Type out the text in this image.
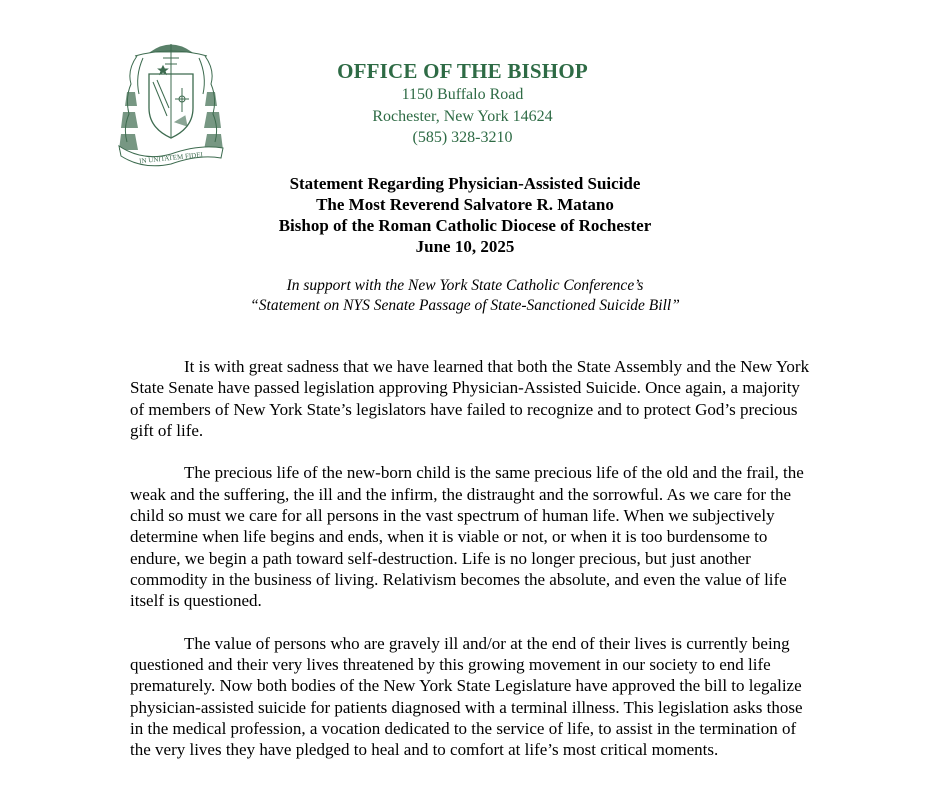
IN UNITATEM FIDEI
OFFICE OF THE BISHOP
1150 Buffalo Road
Rochester, New York 14624
(585) 328-3210
Statement Regarding Physician-Assisted Suicide
The Most Reverend Salvatore R. Matano
Bishop of the Roman Catholic Diocese of Rochester
June 10, 2025
In support with the New York State Catholic Conference’s
“Statement on NYS Senate Passage of State-Sanctioned Suicide Bill”

It is with great sadness that we have learned that both the State Assembly and the New York State Senate have passed legislation approving Physician-Assisted Suicide. Once again, a majority of members of New York State’s legislators have failed to recognize and to protect God’s precious gift of life.

The precious life of the new-born child is the same precious life of the old and the frail, the weak and the suffering, the ill and the infirm, the distraught and the sorrowful. As we care for the child so must we care for all persons in the vast spectrum of human life. When we subjectively determine when life begins and ends, when it is viable or not, or when it is too burdensome to endure, we begin a path toward self-destruction. Life is no longer precious, but just another commodity in the business of living. Relativism becomes the absolute, and even the value of life itself is questioned.

The value of persons who are gravely ill and/or at the end of their lives is currently being questioned and their very lives threatened by this growing movement in our society to end life prematurely. Now both bodies of the New York State Legislature have approved the bill to legalize physician-assisted suicide for patients diagnosed with a terminal illness. This legislation asks those in the medical profession, a vocation dedicated to the service of life, to assist in the termination of the very lives they have pledged to heal and to comfort at life’s most critical moments.
